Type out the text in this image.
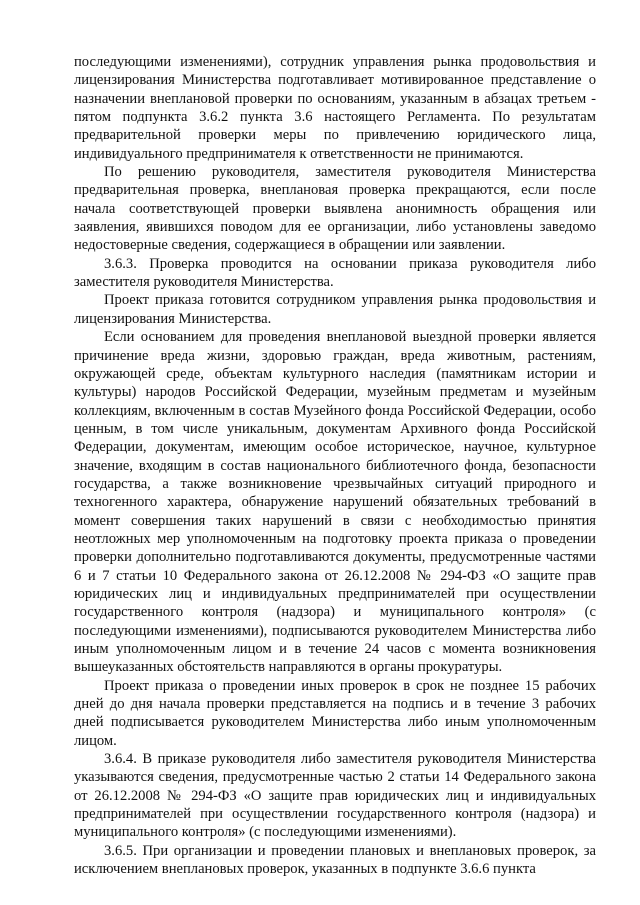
последующими изменениями), сотрудник управления рынка продовольствия и лицензирования Министерства подготавливает мотивированное представление о назначении внеплановой проверки по основаниям, указанным в абзацах третьем - пятом подпункта 3.6.2 пункта 3.6 настоящего Регламента. По результатам предварительной проверки меры по привлечению юридического лица, индивидуального предпринимателя к ответственности не принимаются.

По решению руководителя, заместителя руководителя Министерства предварительная проверка, внеплановая проверка прекращаются, если после начала соответствующей проверки выявлена анонимность обращения или заявления, явившихся поводом для ее организации, либо установлены заведомо недостоверные сведения, содержащиеся в обращении или заявлении.

3.6.3. Проверка проводится на основании приказа руководителя либо заместителя руководителя Министерства.

Проект приказа готовится сотрудником управления рынка продовольствия и лицензирования Министерства.

Если основанием для проведения внеплановой выездной проверки является причинение вреда жизни, здоровью граждан, вреда животным, растениям, окружающей среде, объектам культурного наследия (памятникам истории и культуры) народов Российской Федерации, музейным предметам и музейным коллекциям, включенным в состав Музейного фонда Российской Федерации, особо ценным, в том числе уникальным, документам Архивного фонда Российской Федерации, документам, имеющим особое историческое, научное, культурное значение, входящим в состав национального библиотечного фонда, безопасности государства, а также возникновение чрезвычайных ситуаций природного и техногенного характера, обнаружение нарушений обязательных требований в момент совершения таких нарушений в связи с необходимостью принятия неотложных мер уполномоченным на подготовку проекта приказа о проведении проверки дополнительно подготавливаются документы, предусмотренные частями 6 и 7 статьи 10 Федерального закона от 26.12.2008 № 294-ФЗ «О защите прав юридических лиц и индивидуальных предпринимателей при осуществлении государственного контроля (надзора) и муниципального контроля» (с последующими изменениями), подписываются руководителем Министерства либо иным уполномоченным лицом и в течение 24 часов с момента возникновения вышеуказанных обстоятельств направляются в органы прокуратуры.

Проект приказа о проведении иных проверок в срок не позднее 15 рабочих дней до дня начала проверки представляется на подпись и в течение 3 рабочих дней подписывается руководителем Министерства либо иным уполномоченным лицом.

3.6.4. В приказе руководителя либо заместителя руководителя Министерства указываются сведения, предусмотренные частью 2 статьи 14 Федерального закона от 26.12.2008 № 294-ФЗ «О защите прав юридических лиц и индивидуальных предпринимателей при осуществлении государственного контроля (надзора) и муниципального контроля» (с последующими изменениями).

3.6.5. При организации и проведении плановых и внеплановых проверок, за исключением внеплановых проверок, указанных в подпункте 3.6.6 пункта
